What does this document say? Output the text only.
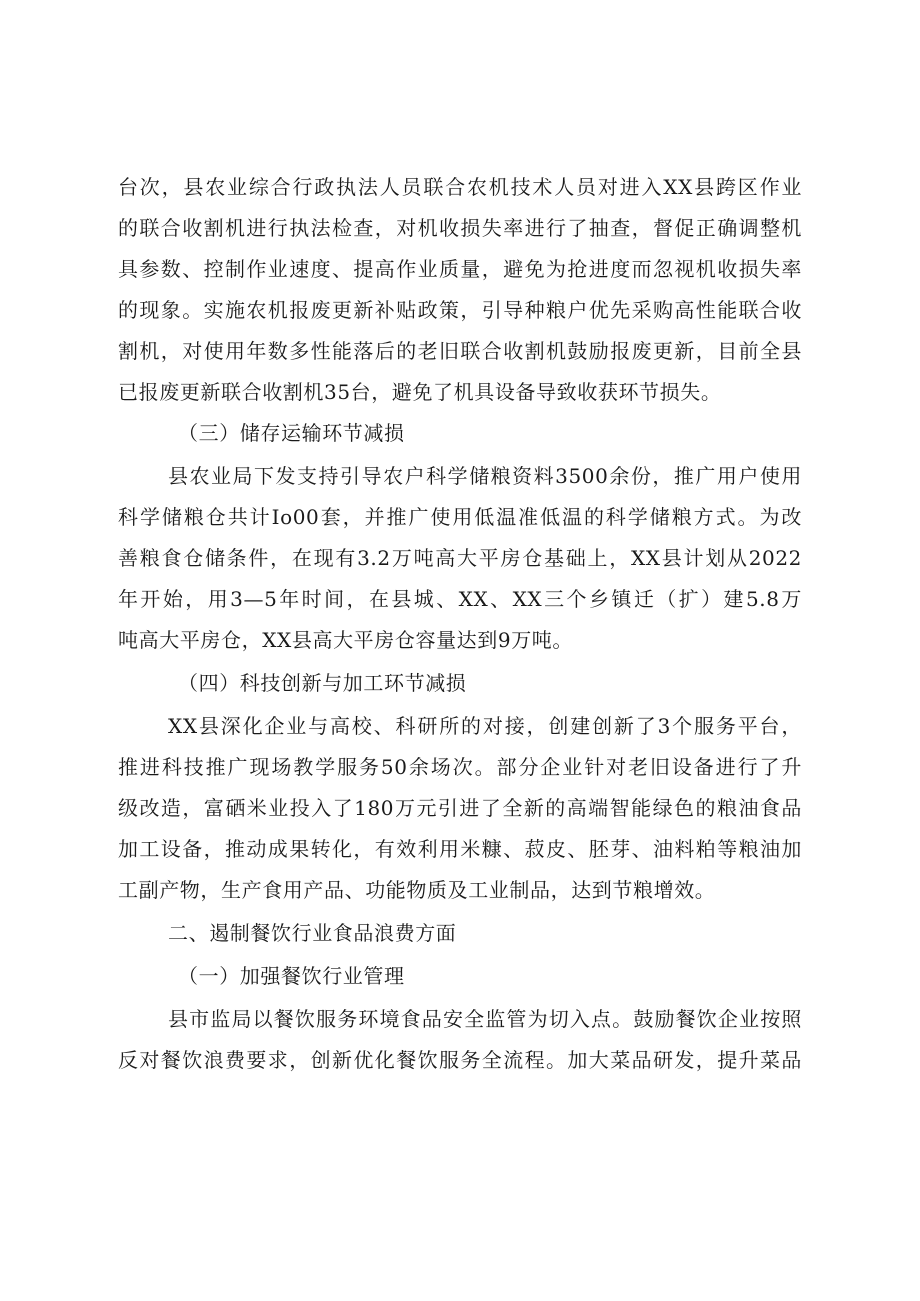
台次，县农业综合行政执法人员联合农机技术人员对进入XX县跨区作业
的联合收割机进行执法检查，对机收损失率进行了抽查，督促正确调整机
具参数、控制作业速度、提高作业质量，避免为抢进度而忽视机收损失率
的现象。实施农机报废更新补贴政策，引导种粮户优先采购高性能联合收
割机，对使用年数多性能落后的老旧联合收割机鼓励报废更新，目前全县
已报废更新联合收割机35台，避免了机具设备导致收获环节损失。
（三）储存运输环节减损
县农业局下发支持引导农户科学储粮资料3500余份，推广用户使用
科学储粮仓共计Io00套，并推广使用低温准低温的科学储粮方式。为改
善粮食仓储条件，在现有3.2万吨高大平房仓基础上，XX县计划从2022
年开始，用3—5年时间，在县城、XX、XX三个乡镇迁（扩）建5.8万
吨高大平房仓，XX县高大平房仓容量达到9万吨。
（四）科技创新与加工环节减损
XX县深化企业与高校、科研所的对接，创建创新了3个服务平台，
推进科技推广现场教学服务50余场次。部分企业针对老旧设备进行了升
级改造，富硒米业投入了180万元引进了全新的高端智能绿色的粮油食品
加工设备，推动成果转化，有效利用米糠、菽皮、胚芽、油料粕等粮油加
工副产物，生产食用产品、功能物质及工业制品，达到节粮增效。
二、遏制餐饮行业食品浪费方面
（一）加强餐饮行业管理
县市监局以餐饮服务环境食品安全监管为切入点。鼓励餐饮企业按照
反对餐饮浪费要求，创新优化餐饮服务全流程。加大菜品研发，提升菜品
